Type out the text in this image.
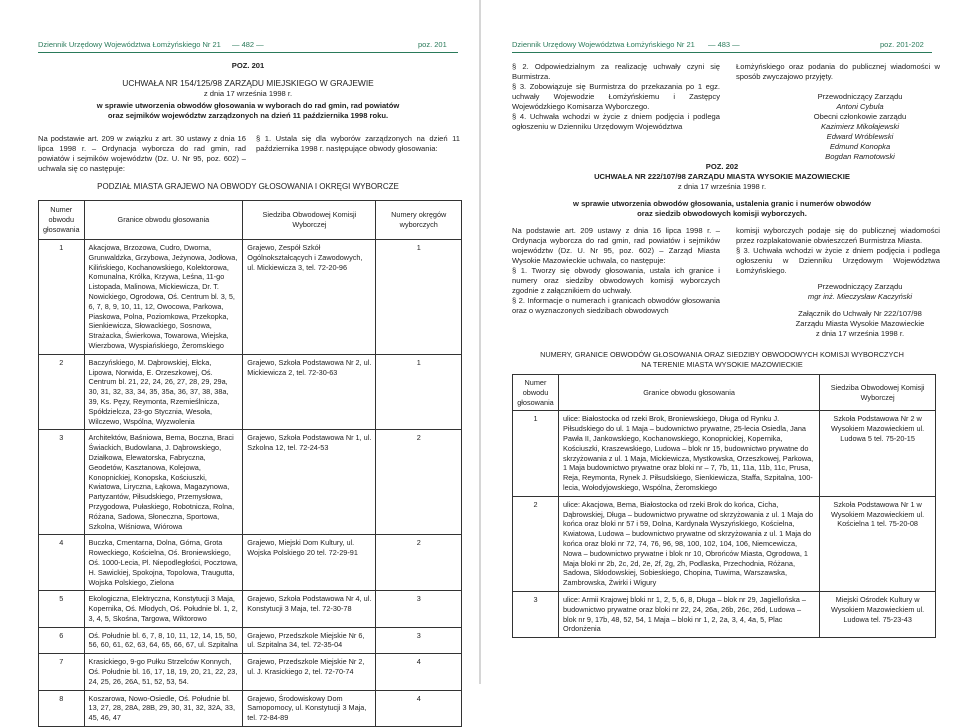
Dziennik Urzędowy Województwa Łomżyńskiego Nr 21 — 482 —	poz. 201
POZ. 201
UCHWAŁA NR 154/125/98 ZARZĄDU MIEJSKIEGO W GRAJEWIE
z dnia 17 września 1998 r.
w sprawie utworzenia obwodów głosowania w wyborach do rad gmin, rad powiatów
oraz sejmików województw zarządzonych na dzień 11 października 1998 roku.
Na podstawie art. 209 w związku z art. 30 ustawy z dnia 16 lipca 1998 r. – Ordynacja wyborcza do rad gmin, rad powiatów i sejmików województw (Dz. U. Nr 95, poz. 602) – uchwala się co następuje:
§ 1. Ustala się dla wyborów zarządzonych na dzień 11 października 1998 r. następujące obwody głosowania:
PODZIAŁ MIASTA GRAJEWO NA OBWODY GŁOSOWANIA I OKRĘGI WYBORCZE
Numer obwodu głosowania	Granice obwodu głosowania	Siedziba Obwodowej Komisji Wyborczej	Numery okręgów wyborczych
1	Akacjowa, Brzozowa, Cudro, Dworna, Grunwaldzka, Grzybowa, Jeżynowa, Jodłowa, Kilińskiego, Kochanowskiego, Kolektorowa, Komunalna, Królka, Krzywa, Leśna, 11-go Listopada, Malinowa, Mickiewicza, Dr. T. Nowickiego, Ogrodowa, Oś. Centrum bl. 3, 5, 6, 7, 8, 9, 10, 11, 12, Owocowa, Parkowa, Piaskowa, Polna, Poziomkowa, Przekopka, Sienkiewicza, Słowackiego, Sosnowa, Strażacka, Świerkowa, Towarowa, Wiejska, Wierzbowa, Wyspiańskiego, Żeromskiego	Grajewo, Zespół Szkół Ogólnokształcących i Zawodowych, ul. Mickiewicza 3, tel. 72-20-96	1
2	Baczyńskiego, M. Dąbrowskiej, Ełcka, Lipowa, Norwida, E. Orzeszkowej, Oś. Centrum bl. 21, 22, 24, 26, 27, 28, 29, 29a, 30, 31, 32, 33, 34, 35, 35a, 36, 37, 38, 38a, 39, Ks. Pęzy, Reymonta, Rzemieślnicza, Spółdzielcza, 23-go Stycznia, Wesoła, Wilczewo, Wspólna, Wyzwolenia	Grajewo, Szkoła Podstawowa Nr 2, ul. Mickiewicza 2, tel. 72-30-63	1
3	Architektów, Baśniowa, Bema, Boczna, Braci Świackich, Budowlana, J. Dąbrowskiego, Działkowa, Elewatorska, Fabryczna, Geodetów, Kasztanowa, Kolejowa, Konopnickiej, Konopska, Kościuszki, Kwiatowa, Liryczna, Łąkowa, Magazynowa, Partyzantów, Piłsudskiego, Przemysłowa, Przygodowa, Pułaskiego, Robotnicza, Rolna, Różana, Sadowa, Słoneczna, Sportowa, Szkolna, Wiśniowa, Wiórowa	Grajewo, Szkoła Podstawowa Nr 1, ul. Szkolna 12, tel. 72-24-53	2
4	Buczka, Cmentarna, Dolna, Górna, Grota Roweckiego, Kościelna, Oś. Broniewskiego, Oś. 1000-Lecia, Pl. Niepodległości, Pocztowa, H. Sawickiej, Spokojna, Topolowa, Traugutta, Wojska Polskiego, Zielona	Grajewo, Miejski Dom Kultury, ul. Wojska Polskiego 20 tel. 72-29-91	2
5	Ekologiczna, Elektryczna, Konstytucji 3 Maja, Kopernika, Oś. Młodych, Oś. Południe bl. 1, 2, 3, 4, 5, Skośna, Targowa, Wiktorowo	Grajewo, Szkoła Podstawowa Nr 4, ul. Konstytucji 3 Maja, tel. 72-30-78	3
6	Oś. Południe bl. 6, 7, 8, 10, 11, 12, 14, 15, 50, 56, 60, 61, 62, 63, 64, 65, 66, 67, ul. Szpitalna	Grajewo, Przedszkole Miejskie Nr 6, ul. Szpitalna 34, tel. 72-35-04	3
7	Krasickiego, 9-go Pułku Strzelców Konnych, Oś. Południe bl. 16, 17, 18, 19, 20, 21, 22, 23, 24, 25, 26, 26A, 51, 52, 53, 54.	Grajewo, Przedszkole Miejskie Nr 2, ul. J. Krasickiego 2, tel. 72-70-74	4
8	Koszarowa, Nowo-Osiedle, Oś. Południe bl. 13, 27, 28, 28A, 28B, 29, 30, 31, 32, 32A, 33, 45, 46, 47	Grajewo, Środowiskowy Dom Samopomocy, ul. Konstytucji 3 Maja, tel. 72-84-89	4
Dziennik Urzędowy Województwa Łomżyńskiego Nr 21 — 483 —	poz. 201-202
§ 2. Odpowiedzialnym za realizację uchwały czyni się Burmistrza.
§ 3. Zobowiązuje się Burmistrza do przekazania po 1 egz. uchwały Wojewodzie Łomżyńskiemu i Zastępcy Wojewódzkiego Komisarza Wyborczego.
§ 4. Uchwała wchodzi w życie z dniem podjęcia i podlega ogłoszeniu w Dzienniku Urzędowym Województwa
Łomżyńskiego oraz podania do publicznej wiadomości w sposób zwyczajowo przyjęty.
Przewodniczący Zarządu
Antoni Cybula
Obecni członkowie zarządu
Kazimierz Mikołajewski
Edward Wróblewski
Edmund Konopka
Bogdan Ramotowski
POZ. 202
UCHWAŁA NR 222/107/98 ZARZĄDU MIASTA WYSOKIE MAZOWIECKIE
z dnia 17 września 1998 r.
w sprawie utworzenia obwodów głosowania, ustalenia granic i numerów obwodów
oraz siedzib obwodowych komisji wyborczych.
Na podstawie art. 209 ustawy z dnia 16 lipca 1998 r. – Ordynacja wyborcza do rad gmin, rad powiatów i sejmików województw (Dz. U. Nr 95, poz. 602) – Zarząd Miasta Wysokie Mazowieckie uchwala, co następuje:
§ 1. Tworzy się obwody głosowania, ustala ich granice i numery oraz siedziby obwodowych komisji wyborczych zgodnie z załącznikiem do uchwały.
§ 2. Informacje o numerach i granicach obwodów głosowania oraz o wyznaczonych siedzibach obwodowych
komisji wyborczych podaje się do publicznej wiadomości przez rozplakatowanie obwieszczeń Burmistrza Miasta.
§ 3. Uchwała wchodzi w życie z dniem podjęcia i podlega ogłoszeniu w Dzienniku Urzędowym Województwa Łomżyńskiego.
Przewodniczący Zarządu
mgr inż. Mieczysław Kaczyński
Załącznik do Uchwały Nr 222/107/98
Zarządu Miasta Wysokie Mazowieckie
z dnia 17 września 1998 r.
NUMERY, GRANICE OBWODÓW GŁOSOWANIA ORAZ SIEDZIBY OBWODOWYCH KOMISJI WYBORCZYCH
NA TERENIE MIASTA WYSOKIE MAZOWIECKIE
Numer obwodu głosowania	Granice obwodu głosowania	Siedziba Obwodowej Komisji Wyborczej
1	ulice: Białostocka od rzeki Brok, Broniewskiego, Długa od Rynku J. Piłsudskiego do ul. 1 Maja – budownictwo prywatne, 25-lecia Osiedla, Jana Pawła II, Jankowskiego, Kochanowskiego, Konopnickiej, Kopernika, Kościuszki, Kraszewskiego, Ludowa – blok nr 15, budownictwo prywatne do skrzyżowania z ul. 1 Maja, Mickiewicza, Mystkowska, Orzeszkowej, Parkowa, 1 Maja budownictwo prywatne oraz bloki nr – 7, 7b, 11, 11a, 11b, 11c, Prusa, Reja, Reymonta, Rynek J. Piłsudskiego, Sienkiewicza, Staffa, Szpitalna, 100-lecia, Wołodyjowskiego, Wspólna, Żeromskiego	Szkoła Podstawowa Nr 2 w Wysokiem Mazowieckiem ul. Ludowa 5 tel. 75-20-15
2	ulice: Akacjowa, Bema, Białostocka od rzeki Brok do końca, Cicha, Dąbrowskiej, Długa – budownictwo prywatne od skrzyżowania z ul. 1 Maja do końca oraz bloki nr 57 i 59, Dolna, Kardynała Wyszyńskiego, Kościelna, Kwiatowa, Ludowa – budownictwo prywatne od skrzyżowania z ul. 1 Maja do końca oraz bloki nr 72, 74, 76, 96, 98, 100, 102, 104, 106, Niemcewicza, Nowa – budownictwo prywatne i blok nr 10, Obrońców Miasta, Ogrodowa, 1 Maja bloki nr 2b, 2c, 2d, 2e, 2f, 2g, 2h, Podlaska, Przechodnia, Różana, Sadowa, Skłodowskiej, Sobieskiego, Chopina, Tuwima, Warszawska, Zambrowska, Żwirki i Wigury	Szkoła Podstawowa Nr 1 w Wysokiem Mazowieckiem ul. Kościelna 1 tel. 75-20-08
3	ulice: Armii Krajowej bloki nr 1, 2, 5, 6, 8, Długa – blok nr 29, Jagiellońska – budownictwo prywatne oraz bloki nr 22, 24, 26a, 26b, 26c, 26d, Ludowa – blok nr 9, 17b, 48, 52, 54, 1 Maja – bloki nr 1, 2, 2a, 3, 4, 4a, 5, Plac Ordonżenia	Miejski Ośrodek Kultury w Wysokiem Mazowieckiem ul. Ludowa tel. 75-23-43
